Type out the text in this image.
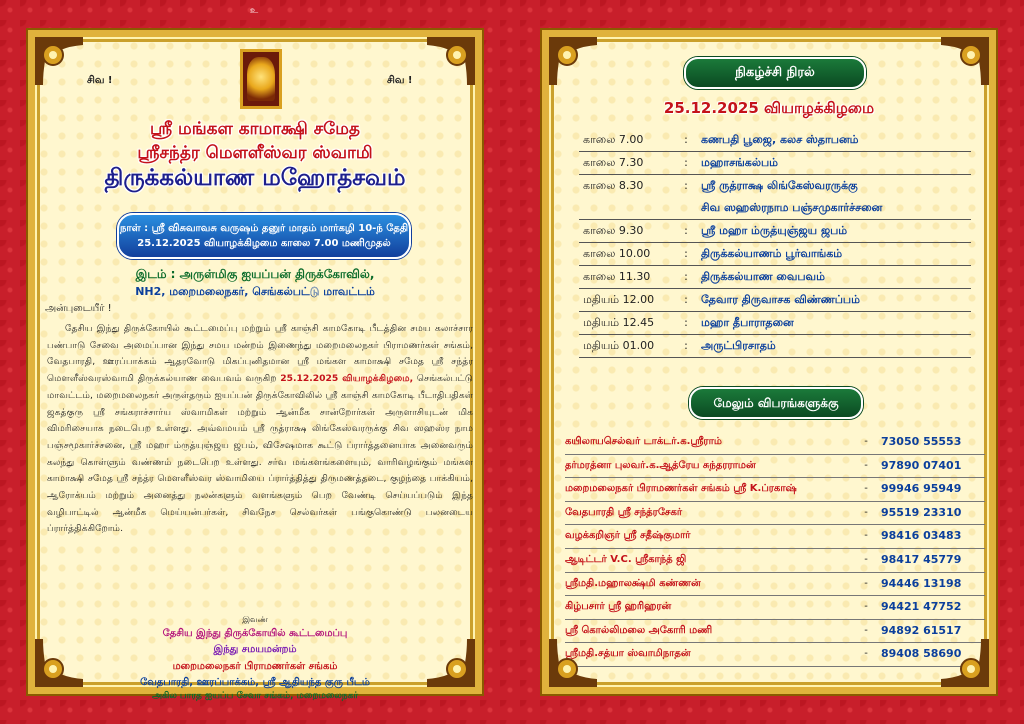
உ
சிவ !	சிவ !
ஸ்ரீ மங்கள காமாக்ஷி சமேத
ஸ்ரீசந்த்ர மௌளீஸ்வர ஸ்வாமி
திருக்கல்யாண மஹோத்சவம்
நாள் : ஸ்ரீ விசுவாவசு வருஷம் தனுர் மாதம் மார்கழி 10-ந் தேதி
25.12.2025 வியாழக்கிழமை காலை 7.00 மணிமுதல்
இடம் : அருள்மிகு ஐயப்பன் திருக்கோவில்,
NH2, மறைமலைநகர், செங்கல்பட்டு மாவட்டம்
அன்புடையீர் !
தேசிய இந்து திருக்கோயில் கூட்டமைப்பு மற்றும் ஸ்ரீ காஞ்சி காமகோடி பீடத்தின சமய கலாச்சார பண்பாடு சேவை அமைப்பான இந்து சமய மன்றம் இணைந்து மறைமலைநகர் பிராமணர்கள் சங்கம், வேதபாரதி, ஊரப்பாக்கம் ஆதரவோடு மிகப்புனிதமான ஸ்ரீ மங்கள காமாக்ஷி சமேத ஸ்ரீ சந்த்ர மௌளீஸ்வரஸ்வாமி திருக்கல்யாண வைபவம் வருகிற 25.12.2025 வியாழக்கிழமை, செங்கல்பட்டு மாவட்டம், மறைமலைநகர் அருள்தரும் ஐயப்பன் திருக்கோவிலில் ஸ்ரீ காஞ்சி காமகோடி பீடாதிபதிகள் ஜகத்குரு ஸ்ரீ சங்கராச்சார்ய ஸ்வாமிகள் மற்றும் ஆன்மீக சான்றோர்கள் அருளாசியுடன் மிக விமரிசையாக நடைபெற உள்ளது. அவ்வமயம் ஸ்ரீ ருத்ராக்ஷ லிங்கேஸ்வரருக்கு சிவ ஸஹஸ்ர நாம பஞ்சமூகார்ச்சனை, ஸ்ரீ மஹா ம்ருத்யுஞ்ஜய ஜபம், விசேஷமாக கூட்டு ப்ரார்த்தனையாக அனைவரும் கலந்து கொள்ளும் வண்ணம் நடைபெற உள்ளது. சர்வ மங்களங்களையும், வாரிவழங்கும் மங்கள காமாக்ஷி சமேத ஸ்ரீ சந்த்ர மௌளீஸ்வர ஸ்வாமியை ப்ரார்த்தித்து திருமணத்தடை, குழந்தை பாக்கியம், ஆரோக்யம் மற்றும் அனைத்து நலன்களும் வளங்களும் பெற வேண்டி செய்யப்படும் இந்த வழிபாட்டில் ஆன்மீக மெய்யன்பர்கள், சிவநேச செல்வர்கள் பங்குகொண்டு பலனடைய ப்ரார்த்திக்கிறோம்.
இவண்
தேசிய இந்து திருக்கோயில் கூட்டமைப்பு
இந்து சமயமன்றம்
மறைமலைநகர் பிராமணர்கள் சங்கம்
வேதபாரதி, ஊரப்பாக்கம், ஸ்ரீ ஆதியந்த குரு பீடம்
அகில பாரத ஐயப்ப சேவா சங்கம், மறைமலைநகர்
நிகழ்ச்சி நிரல்
25.12.2025 வியாழக்கிழமை
காலை 7.00	:	கணபதி பூஜை, கலச ஸ்தாபனம்
காலை 7.30	:	மஹாசங்கல்பம்
காலை 8.30	:	ஸ்ரீ ருத்ராக்ஷ லிங்கேஸ்வரருக்கு
சிவ ஸஹஸ்ரநாம பஞ்சமுகார்ச்சனை
காலை 9.30	:	ஸ்ரீ மஹா ம்ருத்யுஞ்ஜய ஜபம்
காலை 10.00	:	திருக்கல்யாணம் பூர்வாங்கம்
காலை 11.30	:	திருக்கல்யாண வைபவம்
மதியம் 12.00	:	தேவார திருவாசக விண்ணப்பம்
மதியம் 12.45	:	மஹா தீபாராதனை
மதியம் 01.00	:	அருட்பிரசாதம்
மேலும் விபரங்களுக்கு
கயிலாயசெல்வர் டாக்டர்.க.ஸ்ரீராம்	-	73050 55553
தர்மரத்னா புலவர்.க.ஆத்ரேய சுந்தரராமன்	-	97890 07401
மறைமலைநகர் பிராமணர்கள் சங்கம் ஸ்ரீ K.ப்ரகாஷ்	-	99946 95949
வேதபாரதி ஸ்ரீ சந்த்ரசேகர்	-	95519 23310
வழக்கறிஞர் ஸ்ரீ சதீஷ்குமார்	-	98416 03483
ஆடிட்டர் V.C. ஸ்ரீகாந்த் ஜி	-	98417 45779
ஸ்ரீமதி.மஹாலக்ஷ்மி கண்ணன்	-	94446 13198
கிழ்பசார் ஸ்ரீ ஹரிஹரன்	-	94421 47752
ஸ்ரீ கொல்லிமலை அகோரி மணி	-	94892 61517
ஸ்ரீமதி.சத்யா ஸ்வாமிநாதன்	-	89408 58690
